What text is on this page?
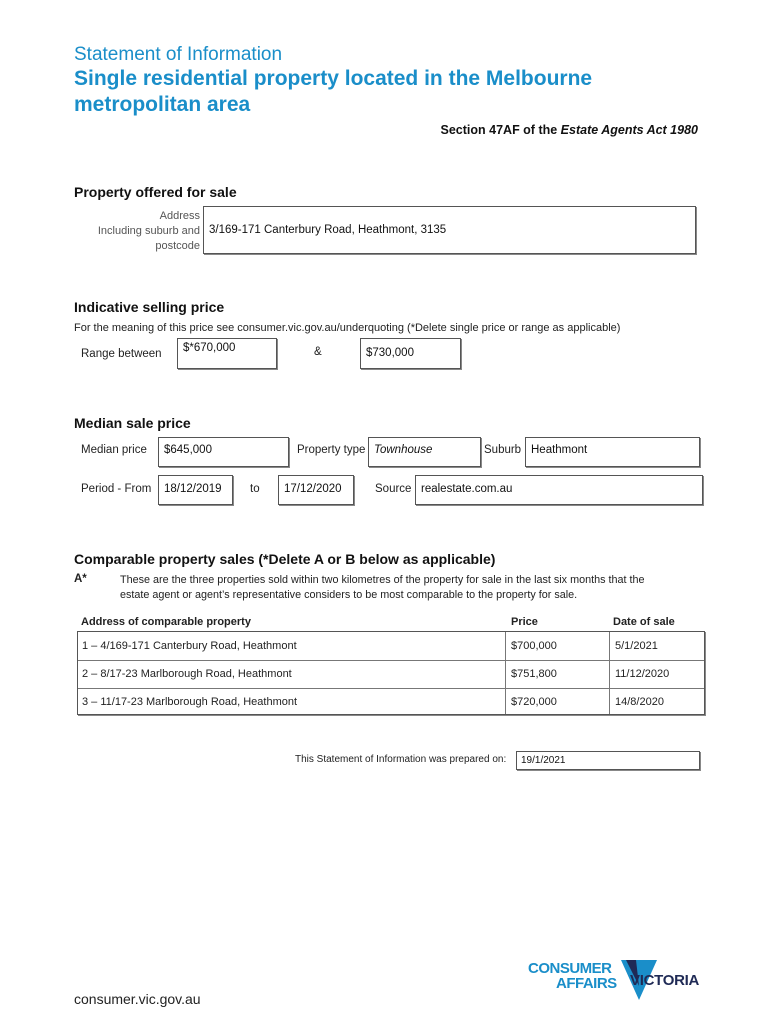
Statement of Information
Single residential property located in the Melbourne
metropolitan area
Section 47AF of the Estate Agents Act 1980
Property offered for sale
Address
Including suburb and
postcode
3/169-171 Canterbury Road, Heathmont, 3135
Indicative selling price
For the meaning of this price see consumer.vic.gov.au/underquoting (*Delete single price or range as applicable)
Range between	$*670,000	&	$730,000
Median sale price
Median price	$645,000	Property type Townhouse	Suburb Heathmont
Period - From	18/12/2019	to	17/12/2020	Source realestate.com.au
Comparable property sales (*Delete A or B below as applicable)
A*	These are the three properties sold within two kilometres of the property for sale in the last six months that the
estate agent or agent’s representative considers to be most comparable to the property for sale.
Address of comparable property	Price	Date of sale
1 – 4/169-171 Canterbury Road, Heathmont	$700,000	5/1/2021
2 – 8/17-23 Marlborough Road, Heathmont	$751,800	11/12/2020
3 – 11/17-23 Marlborough Road, Heathmont	$720,000	14/8/2020
This Statement of Information was prepared on:	19/1/2021
consumer.vic.gov.au
CONSUMER
AFFAIRS VICTORIA
